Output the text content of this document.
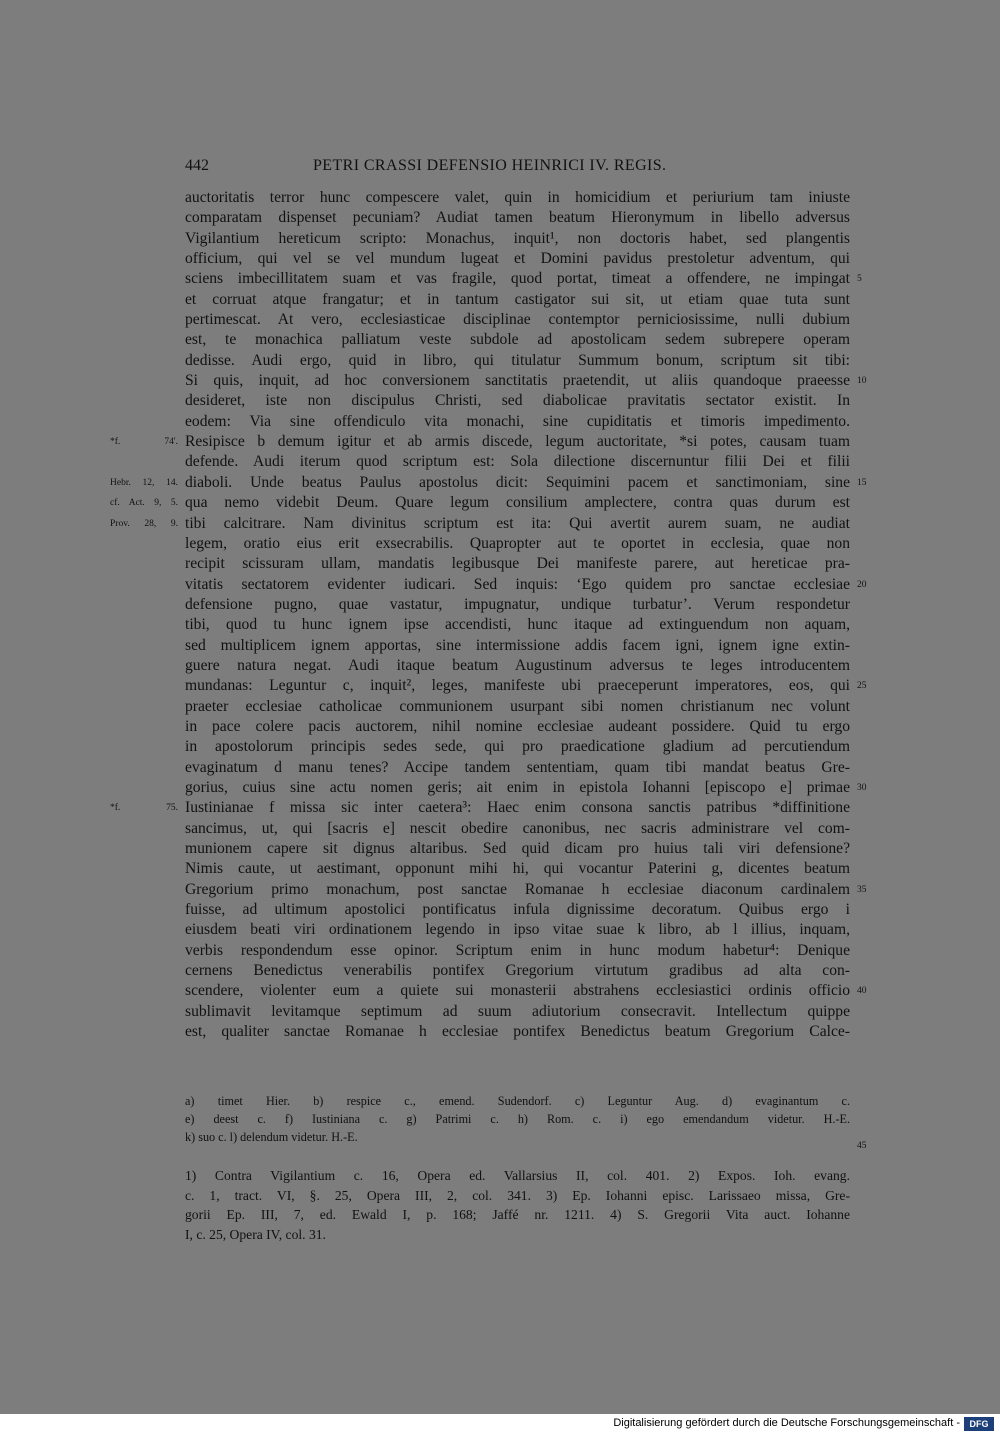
442	PETRI CRASSI DEFENSIO HEINRICI IV. REGIS.
auctoritatis terror hunc compescere valet, quin in homicidium et periurium tam iniuste
comparatam dispenset pecuniam? Audiat tamen beatum Hieronymum in libello adversus
Vigilantium hereticum scripto: Monachus, inquit¹, non doctoris habet, sed plangentis
officium, qui vel se vel mundum lugeat et Domini pavidus prestoletur adventum, qui
sciens imbecillitatem suam et vas fragile, quod portat, timeat a offendere, ne impingat 5
et corruat atque frangatur; et in tantum castigator sui sit, ut etiam quae tuta sunt
pertimescat. At vero, ecclesiasticae disciplinae contemptor perniciosissime, nulli dubium
est, te monachica palliatum veste subdole ad apostolicam sedem subrepere operam
dedisse. Audi ergo, quid in libro, qui titulatur Summum bonum, scriptum sit tibi:
Si quis, inquit, ad hoc conversionem sanctitatis praetendit, ut aliis quandoque praeesse 10
desideret, iste non discipulus Christi, sed diabolicae pravitatis sectator existit. In
eodem: Via sine offendiculo vita monachi, sine cupiditatis et timoris impedimento.
Resipisce b demum igitur et ab armis discede, legum auctoritate, *si potes, causam tuam
*f. 74'.
defende. Audi iterum quod scriptum est: Sola dilectione discernuntur filii Dei et filii
diaboli. Unde beatus Paulus apostolus dicit: Sequimini pacem et sanctimoniam, sine
Hebr. 12, 14.	15
qua nemo videbit Deum. Quare legum consilium amplectere, contra quas durum est
cf. Act. 9, 5.
tibi calcitrare. Nam divinitus scriptum est ita: Qui avertit aurem suam, ne audiat
Prov. 28, 9.
legem, oratio eius erit exsecrabilis. Quapropter aut te oportet in ecclesia, quae non
recipit scissuram ullam, mandatis legibusque Dei manifeste parere, aut hereticae pra-
vitatis sectatorem evidenter iudicari. Sed inquis: ‘Ego quidem pro sanctae ecclesiae 20
defensione pugno, quae vastatur, impugnatur, undique turbatur’. Verum respondetur
tibi, quod tu hunc ignem ipse accendisti, hunc itaque ad extinguendum non aquam,
sed multiplicem ignem apportas, sine intermissione addis facem igni, ignem igne extin-
guere natura negat. Audi itaque beatum Augustinum adversus te leges introducentem
mundanas: Leguntur c, inquit², leges, manifeste ubi praeceperunt imperatores, eos, qui 25
praeter ecclesiae catholicae communionem usurpant sibi nomen christianum nec volunt
in pace colere pacis auctorem, nihil nomine ecclesiae audeant possidere. Quid tu ergo
in apostolorum principis sedes sede, qui pro praedicatione gladium ad percutiendum
evaginatum d manu tenes? Accipe tandem sententiam, quam tibi mandat beatus Gre-
gorius, cuius sine actu nomen geris; ait enim in epistola Iohanni [episcopo e] primae 30
Iustinianae f missa sic inter caetera³: Haec enim consona sanctis patribus *diffinitione
*f. 75.
sancimus, ut, qui [sacris e] nescit obedire canonibus, nec sacris administrare vel com-
munionem capere sit dignus altaribus. Sed quid dicam pro huius tali viri defensione?
Nimis caute, ut aestimant, opponunt mihi hi, qui vocantur Paterini g, dicentes beatum
Gregorium primo monachum, post sanctae Romanae h ecclesiae diaconum cardinalem 35
fuisse, ad ultimum apostolici pontificatus infula dignissime decoratum. Quibus ergo i
eiusdem beati viri ordinationem legendo in ipso vitae suae k libro, ab l illius, inquam,
verbis respondendum esse opinor. Scriptum enim in hunc modum habetur⁴: Denique
cernens Benedictus venerabilis pontifex Gregorium virtutum gradibus ad alta con-
scendere, violenter eum a quiete sui monasterii abstrahens ecclesiastici ordinis officio 40
sublimavit levitamque septimum ad suum adiutorium consecravit. Intellectum quippe
est, qualiter sanctae Romanae h ecclesiae pontifex Benedictus beatum Gregorium Calce-
a) timet Hier. b) respice c., emend. Sudendorf. c) Leguntur Aug. d) evaginantum c.
e) deest c. f) Iustiniana c. g) Patrimi c. h) Rom. c. i) ego emendandum videtur. H.-E.
k) suo c. l) delendum videtur. H.-E.
45
1) Contra Vigilantium c. 16, Opera ed. Vallarsius II, col. 401. 2) Expos. Ioh. evang.
c. 1, tract. VI, §. 25, Opera III, 2, col. 341. 3) Ep. Iohanni episc. Larissaeo missa, Gre-
gorii Ep. III, 7, ed. Ewald I, p. 168; Jaffé nr. 1211. 4) S. Gregorii Vita auct. Iohanne
I, c. 25, Opera IV, col. 31.
Digitalisierung gefördert durch die Deutsche Forschungsgemeinschaft -	DFG
